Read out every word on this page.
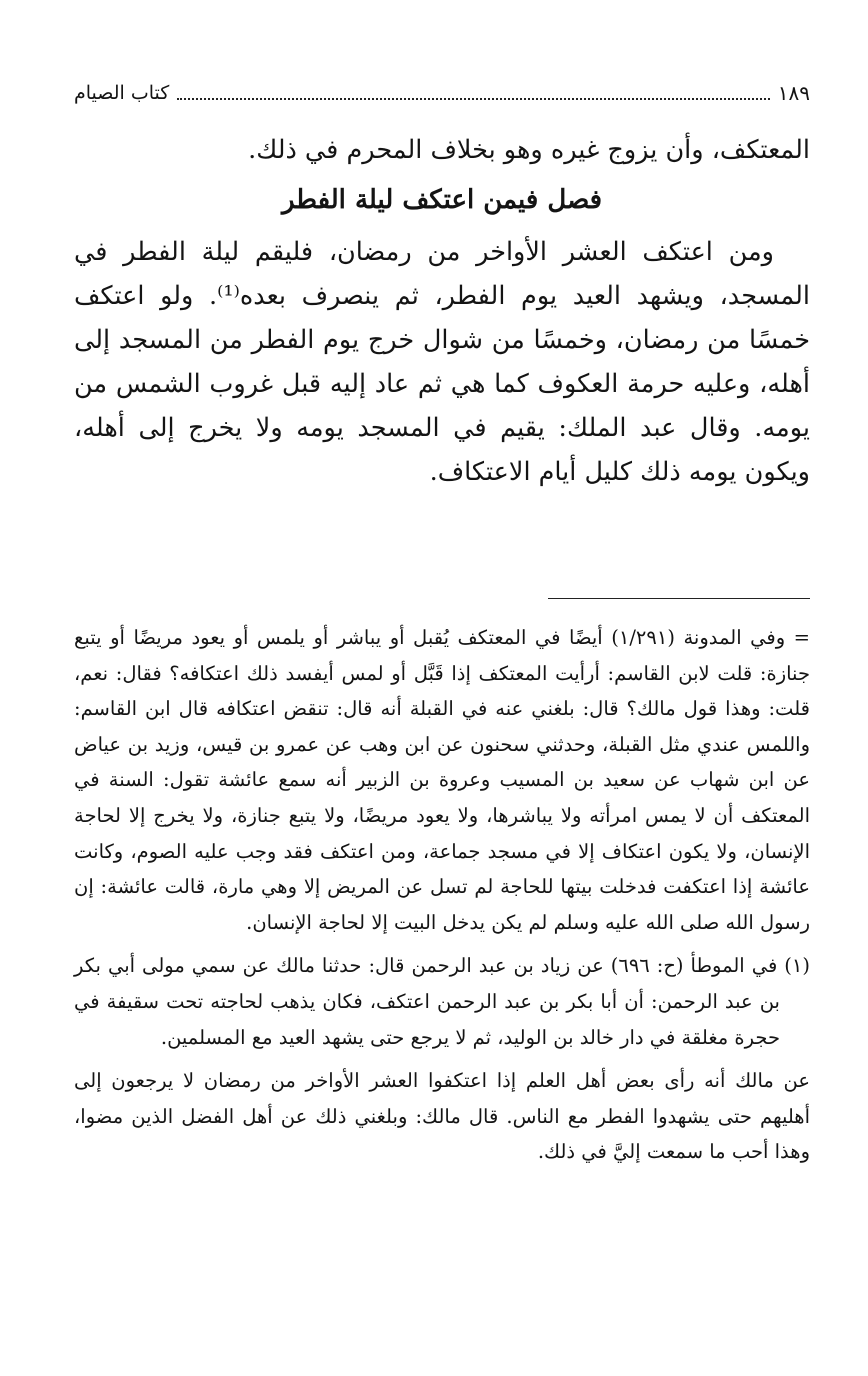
١٨٩
كتاب الصيام

المعتكف، وأن يزوج غيره وهو بخلاف المحرم في ذلك.

فصل فيمن اعتكف ليلة الفطر

ومن اعتكف العشر الأواخر من رمضان، فليقم ليلة الفطر في المسجد، ويشهد العيد يوم الفطر، ثم ينصرف بعده⁽¹⁾. ولو اعتكف خمسًا من رمضان، وخمسًا من شوال خرج يوم الفطر من المسجد إلى أهله، وعليه حرمة العكوف كما هي ثم عاد إليه قبل غروب الشمس من يومه. وقال عبد الملك: يقيم في المسجد يومه ولا يخرج إلى أهله، ويكون يومه ذلك كليل أيام الاعتكاف.

= وفي المدونة (١/٢٩١) أيضًا في المعتكف يُقبل أو يباشر أو يلمس أو يعود مريضًا أو يتبع جنازة: قلت لابن القاسم: أرأيت المعتكف إذا قَبَّل أو لمس أيفسد ذلك اعتكافه؟ فقال: نعم، قلت: وهذا قول مالك؟ قال: بلغني عنه في القبلة أنه قال: تنقض اعتكافه قال ابن القاسم: واللمس عندي مثل القبلة، وحدثني سحنون عن ابن وهب عن عمرو بن قيس، وزيد بن عياض عن ابن شهاب عن سعيد بن المسيب وعروة بن الزبير أنه سمع عائشة تقول: السنة في المعتكف أن لا يمس امرأته ولا يباشرها، ولا يعود مريضًا، ولا يتبع جنازة، ولا يخرج إلا لحاجة الإنسان، ولا يكون اعتكاف إلا في مسجد جماعة، ومن اعتكف فقد وجب عليه الصوم، وكانت عائشة إذا اعتكفت فدخلت بيتها للحاجة لم تسل عن المريض إلا وهي مارة، قالت عائشة: إن رسول الله صلى الله عليه وسلم لم يكن يدخل البيت إلا لحاجة الإنسان.

(١) في الموطأ (ح: ٦٩٦) عن زياد بن عبد الرحمن قال: حدثنا مالك عن سمي مولى أبي بكر بن عبد الرحمن: أن أبا بكر بن عبد الرحمن اعتكف، فكان يذهب لحاجته تحت سقيفة في حجرة مغلقة في دار خالد بن الوليد، ثم لا يرجع حتى يشهد العيد مع المسلمين.

عن مالك أنه رأى بعض أهل العلم إذا اعتكفوا العشر الأواخر من رمضان لا يرجعون إلى أهليهم حتى يشهدوا الفطر مع الناس. قال مالك: وبلغني ذلك عن أهل الفضل الذين مضوا، وهذا أحب ما سمعت إليَّ في ذلك.
